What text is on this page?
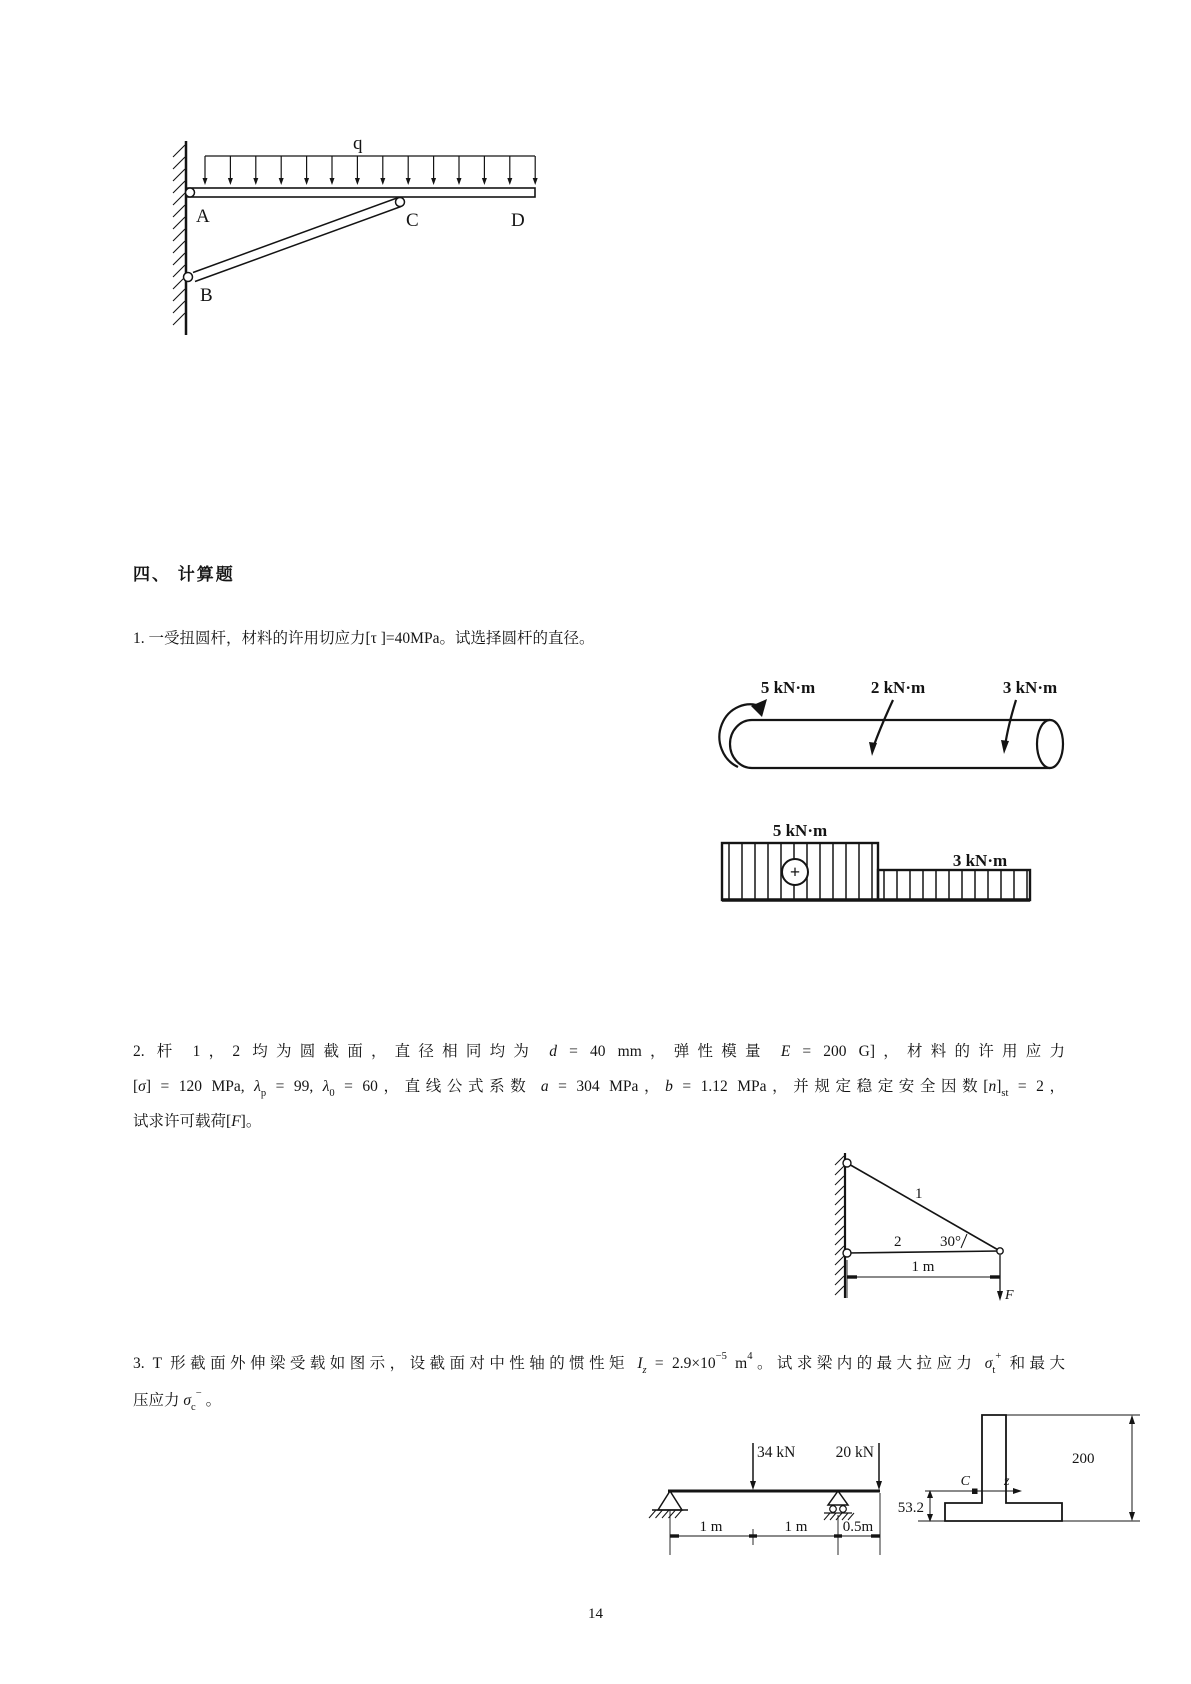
q
A
B
C	D
四、 计算题
1. 一受扭圆杆，材料的许用切应力[τ ]=40MPa。试选择圆杆的直径。
5 kN·m	2 kN·m	3 kN·m
5 kN·m
3 kN·m
+
2. 杆 1，2 均为圆截面，直径相同均为 d = 40 mm，弹性模量 E = 200 G]，材料的许用应力
[σ] = 120 MPa, $\lambda_p = 99$, $\lambda_0 = 60$，直线公式系数 a = 304 MPa，b = 1.12 MPa，并规定稳定安全因数$[n]_{st} = 2$，
试求许可载荷[F]。
1
2	30°
1 m
F
3. T 形截面外伸梁受载如图示，设截面对中性轴的惯性矩 $I_z = 2.9\times 10^{-5}$ $m^4$。试求梁内的最大拉应力 $\sigma_t^+$ 和最大
压应力 $\sigma_c^-$ 。
34 kN	20 kN
1 m	1 m 0.5m
C z
53.2
200
14
